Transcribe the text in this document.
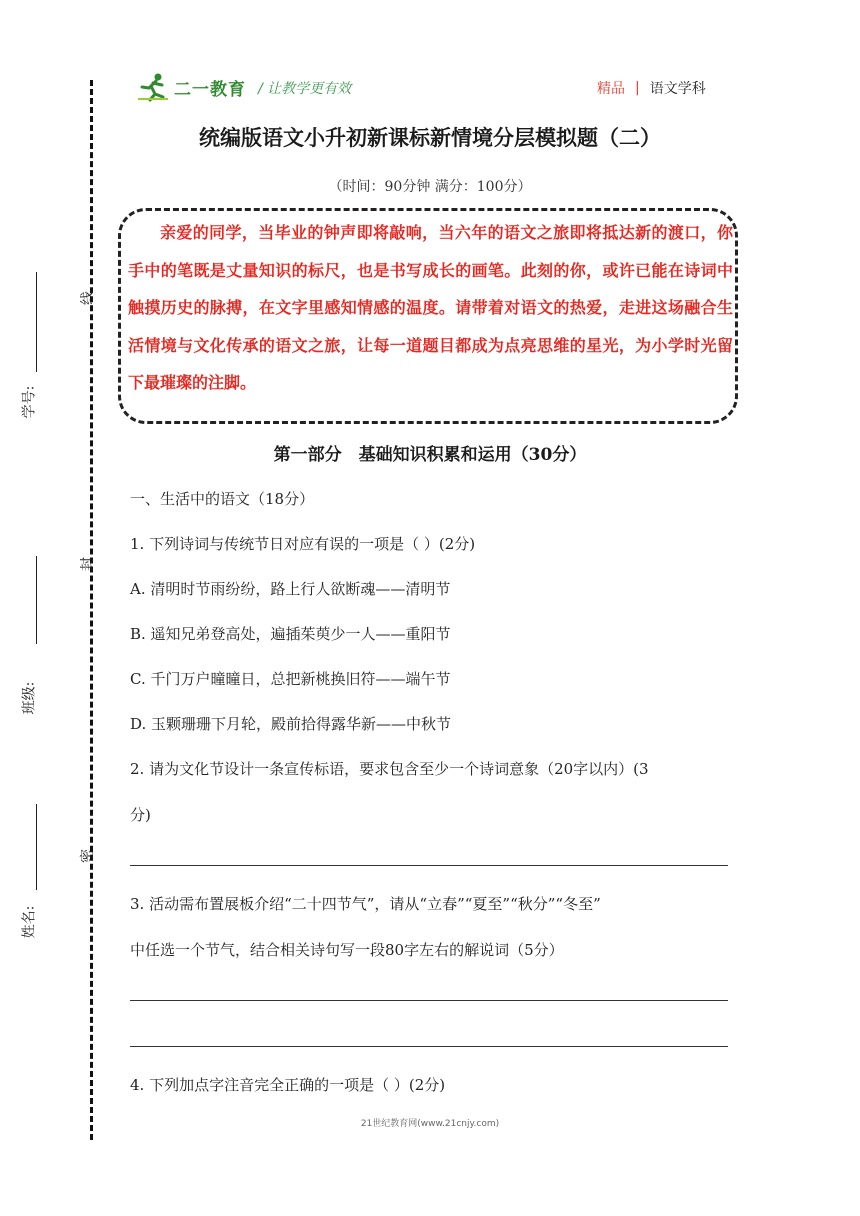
二一教育 / 让教学更有效	精品 | 语文学科
线
封
密
学号:
班级:
姓名:
统编版语文小升初新课标新情境分层模拟题（二）
（时间：90分钟 满分：100分）
亲爱的同学，当毕业的钟声即将敲响，当六年的语文之旅即将抵达新的渡口，你手中的笔既是丈量知识的标尺，也是书写成长的画笔。此刻的你，或许已能在诗词中触摸历史的脉搏，在文字里感知情感的温度。请带着对语文的热爱，走进这场融合生活情境与文化传承的语文之旅，让每一道题目都成为点亮思维的星光，为小学时光留下最璀璨的注脚。
第一部分　基础知识积累和运用（30分）
一、生活中的语文（18分）
1. 下列诗词与传统节日对应有误的一项是（ ）(2分)
A. 清明时节雨纷纷，路上行人欲断魂——清明节
B. 遥知兄弟登高处，遍插茱萸少一人——重阳节
C. 千门万户曈曈日，总把新桃换旧符——端午节
D. 玉颗珊珊下月轮，殿前拾得露华新——中秋节
2. 请为文化节设计一条宣传标语，要求包含至少一个诗词意象（20字以内）(3
分)
3. 活动需布置展板介绍“二十四节气”，请从“立春”“夏至”“秋分”“冬至”
中任选一个节气，结合相关诗句写一段80字左右的解说词（5分）
4. 下列加点字注音完全正确的一项是（ ）(2分)
21世纪教育网(www.21cnjy.com)
